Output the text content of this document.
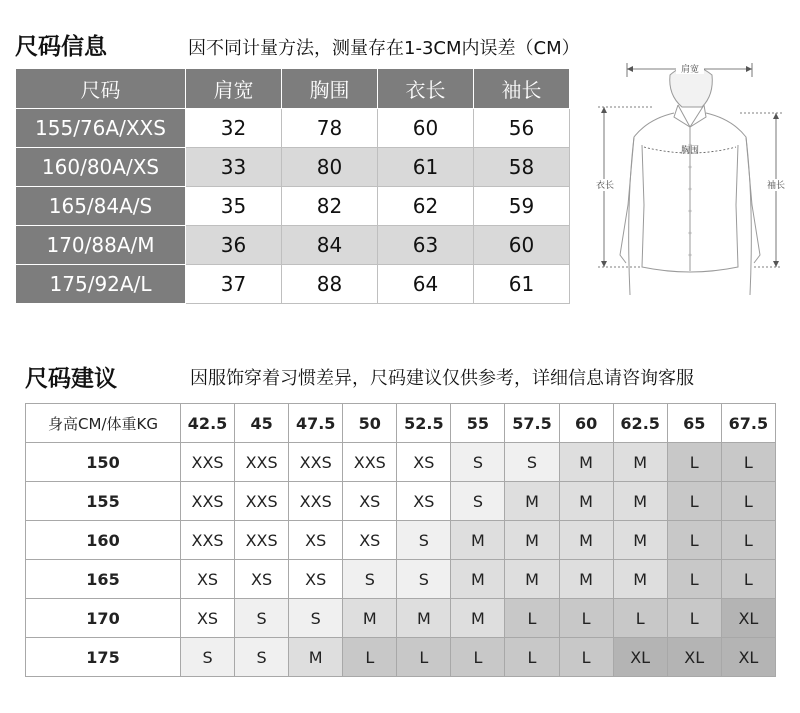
尺码信息	因不同计量方法，测量存在1-3CM内误差（CM）
尺码	肩宽	胸围	衣长	袖长
155/76A/XXS	32	78	60	56
160/80A/XS	33	80	61	58
165/84A/S	35	82	62	59
170/88A/M	36	84	63	60
175/92A/L	37	88	64	61
肩宽
胸围
衣长	袖长
尺码建议	因服饰穿着习惯差异，尺码建议仅供参考，详细信息请咨询客服
身高CM/体重KG	42.5	45	47.5	50	52.5	55	57.5	60	62.5	65	67.5
150	XXS	XXS	XXS	XXS	XS	S	S	M	M	L	L
155	XXS	XXS	XXS	XS	XS	S	M	M	M	L	L
160	XXS	XXS	XS	XS	S	M	M	M	M	L	L
165	XS	XS	XS	S	S	M	M	M	M	L	L
170	XS	S	S	M	M	M	L	L	L	L	XL
175	S	S	M	L	L	L	L	L	XL	XL	XL
